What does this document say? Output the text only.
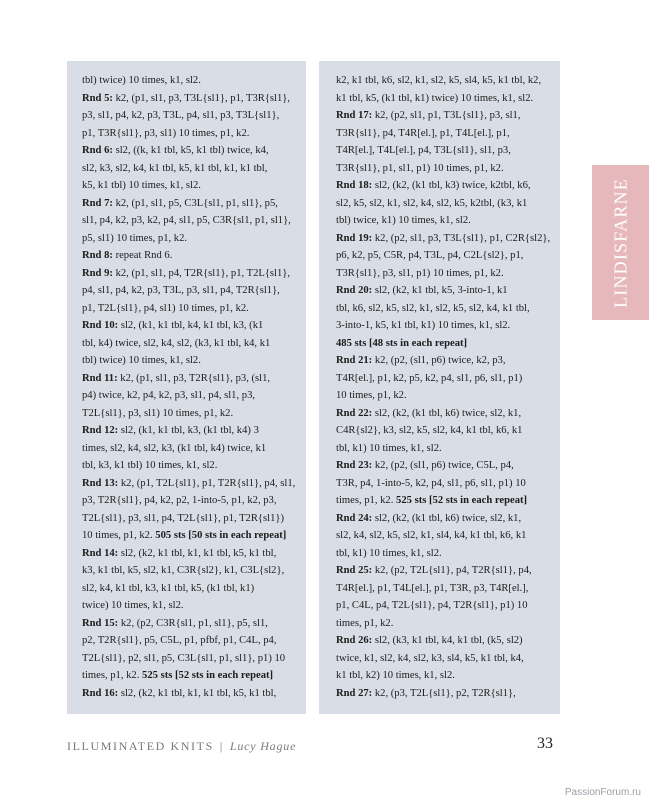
tbl) twice) 10 times, k1, sl2.
Rnd 5: k2, (p1, sl1, p3, T3L{sl1}, p1, T3R{sl1},
p3, sl1, p4, k2, p3, T3L, p4, sl1, p3, T3L{sl1},
p1, T3R{sl1}, p3, sl1) 10 times, p1, k2.
Rnd 6: sl2, ((k, k1 tbl, k5, k1 tbl) twice, k4,
sl2, k3, sl2, k4, k1 tbl, k5, k1 tbl, k1, k1 tbl,
k5, k1 tbl) 10 times, k1, sl2.
Rnd 7: k2, (p1, sl1, p5, C3L{sl1, p1, sl1}, p5,
sl1, p4, k2, p3, k2, p4, sl1, p5, C3R{sl1, p1, sl1},
p5, sl1) 10 times, p1, k2.
Rnd 8: repeat Rnd 6.
Rnd 9: k2, (p1, sl1, p4, T2R{sl1}, p1, T2L{sl1},
p4, sl1, p4, k2, p3, T3L, p3, sl1, p4, T2R{sl1},
p1, T2L{sl1}, p4, sl1) 10 times, p1, k2.
Rnd 10: sl2, (k1, k1 tbl, k4, k1 tbl, k3, (k1
tbl, k4) twice, sl2, k4, sl2, (k3, k1 tbl, k4, k1
tbl) twice) 10 times, k1, sl2.
Rnd 11: k2, (p1, sl1, p3, T2R{sl1}, p3, (sl1,
p4) twice, k2, p4, k2, p3, sl1, p4, sl1, p3,
T2L{sl1}, p3, sl1) 10 times, p1, k2.
Rnd 12: sl2, (k1, k1 tbl, k3, (k1 tbl, k4) 3
times, sl2, k4, sl2, k3, (k1 tbl, k4) twice, k1
tbl, k3, k1 tbl) 10 times, k1, sl2.
Rnd 13: k2, (p1, T2L{sl1}, p1, T2R{sl1}, p4, sl1,
p3, T2R{sl1}, p4, k2, p2, 1-into-5, p1, k2, p3,
T2L{sl1}, p3, sl1, p4, T2L{sl1}, p1, T2R{sl1})
10 times, p1, k2. 505 sts [50 sts in each repeat]
Rnd 14: sl2, (k2, k1 tbl, k1, k1 tbl, k5, k1 tbl,
k3, k1 tbl, k5, sl2, k1, C3R{sl2}, k1, C3L{sl2},
sl2, k4, k1 tbl, k3, k1 tbl, k5, (k1 tbl, k1)
twice) 10 times, k1, sl2.
Rnd 15: k2, (p2, C3R{sl1, p1, sl1}, p5, sl1,
p2, T2R{sl1}, p5, C5L, p1, pfbf, p1, C4L, p4,
T2L{sl1}, p2, sl1, p5, C3L{sl1, p1, sl1}, p1) 10
times, p1, k2. 525 sts [52 sts in each repeat]
Rnd 16: sl2, (k2, k1 tbl, k1, k1 tbl, k5, k1 tbl,
k2, k1 tbl, k6, sl2, k1, sl2, k5, sl4, k5, k1 tbl, k2,
k1 tbl, k5, (k1 tbl, k1) twice) 10 times, k1, sl2.
Rnd 17: k2, (p2, sl1, p1, T3L{sl1}, p3, sl1,
T3R{sl1}, p4, T4R[el.], p1, T4L[el.], p1,
T4R[el.], T4L[el.], p4, T3L{sl1}, sl1, p3,
T3R{sl1}, p1, sl1, p1) 10 times, p1, k2.
Rnd 18: sl2, (k2, (k1 tbl, k3) twice, k2tbl, k6,
sl2, k5, sl2, k1, sl2, k4, sl2, k5, k2tbl, (k3, k1
tbl) twice, k1) 10 times, k1, sl2.
Rnd 19: k2, (p2, sl1, p3, T3L{sl1}, p1, C2R{sl2},
p6, k2, p5, C5R, p4, T3L, p4, C2L{sl2}, p1,
T3R{sl1}, p3, sl1, p1) 10 times, p1, k2.
Rnd 20: sl2, (k2, k1 tbl, k5, 3-into-1, k1
tbl, k6, sl2, k5, sl2, k1, sl2, k5, sl2, k4, k1 tbl,
3-into-1, k5, k1 tbl, k1) 10 times, k1, sl2.
485 sts [48 sts in each repeat]
Rnd 21: k2, (p2, (sl1, p6) twice, k2, p3,
T4R[el.], p1, k2, p5, k2, p4, sl1, p6, sl1, p1)
10 times, p1, k2.
Rnd 22: sl2, (k2, (k1 tbl, k6) twice, sl2, k1,
C4R{sl2}, k3, sl2, k5, sl2, k4, k1 tbl, k6, k1
tbl, k1) 10 times, k1, sl2.
Rnd 23: k2, (p2, (sl1, p6) twice, C5L, p4,
T3R, p4, 1-into-5, k2, p4, sl1, p6, sl1, p1) 10
times, p1, k2. 525 sts [52 sts in each repeat]
Rnd 24: sl2, (k2, (k1 tbl, k6) twice, sl2, k1,
sl2, k4, sl2, k5, sl2, k1, sl4, k4, k1 tbl, k6, k1
tbl, k1) 10 times, k1, sl2.
Rnd 25: k2, (p2, T2L{sl1}, p4, T2R{sl1}, p4,
T4R[el.], p1, T4L[el.], p1, T3R, p3, T4R[el.],
p1, C4L, p4, T2L{sl1}, p4, T2R{sl1}, p1) 10
times, p1, k2.
Rnd 26: sl2, (k3, k1 tbl, k4, k1 tbl, (k5, sl2)
twice, k1, sl2, k4, sl2, k3, sl4, k5, k1 tbl, k4,
k1 tbl, k2) 10 times, k1, sl2.
Rnd 27: k2, (p3, T2L{sl1}, p2, T2R{sl1},
LINDISFARNE
ILLUMINATED KNITS | Lucy Hague	33
PassionForum.ru
